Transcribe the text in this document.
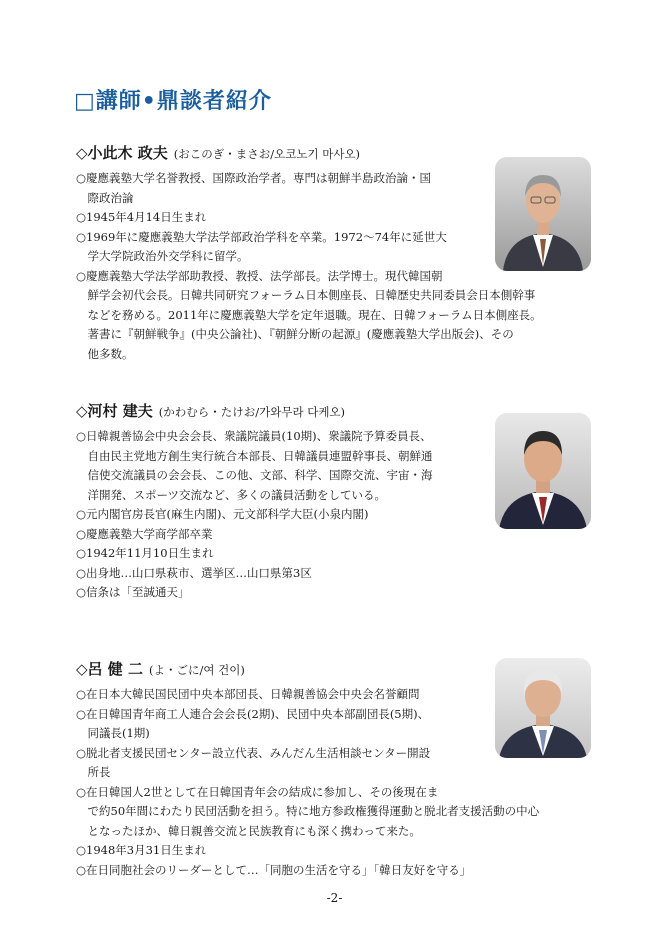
□講師•鼎談者紹介
◇小此木 政夫 (おこのぎ・まさお/오코노기 마사오)
○慶應義塾大学名誉教授、国際政治学者。専門は朝鮮半島政治論・国
　際政治論
○1945年4月14日生まれ
○1969年に慶應義塾大学法学部政治学科を卒業。1972～74年に延世大
　学大学院政治外交学科に留学。
○慶應義塾大学法学部助教授、教授、法学部長。法学博士。現代韓国朝
　鮮学会初代会長。日韓共同研究フォーラム日本側座長、日韓歴史共同委員会日本側幹事
　などを務める。2011年に慶應義塾大学を定年退職。現在、日韓フォーラム日本側座長。
　著書に『朝鮮戦争』(中央公論社)、『朝鮮分断の起源』(慶應義塾大学出版会)、その
　他多数。
◇河村 建夫 (かわむら・たけお/가와무라 다케오)
○日韓親善協会中央会会長、衆議院議員(10期)、衆議院予算委員長、
　自由民主党地方創生実行統合本部長、日韓議員連盟幹事長、朝鮮通
　信使交流議員の会会長、この他、文部、科学、国際交流、宇宙・海
　洋開発、スポーツ交流など、多くの議員活動をしている。
○元内閣官房長官(麻生内閣)、元文部科学大臣(小泉内閣)
○慶應義塾大学商学部卒業
○1942年11月10日生まれ
○出身地…山口県萩市、選挙区…山口県第3区
○信条は「至誠通天」
◇呂 健 二 (よ・ごに/여 건이)
○在日本大韓民国民団中央本部団長、日韓親善協会中央会名誉顧問
○在日韓国青年商工人連合会会長(2期)、民団中央本部副団長(5期)、
　同議長(1期)
○脱北者支援民団センター設立代表、みんだん生活相談センター開設
　所長
○在日韓国人2世として在日韓国青年会の結成に参加し、その後現在ま
　で約50年間にわたり民団活動を担う。特に地方参政権獲得運動と脱北者支援活動の中心
　となったほか、韓日親善交流と民族教育にも深く携わって来た。
○1948年3月31日生まれ
○在日同胞社会のリーダーとして…「同胞の生活を守る」「韓日友好を守る」
-2-
